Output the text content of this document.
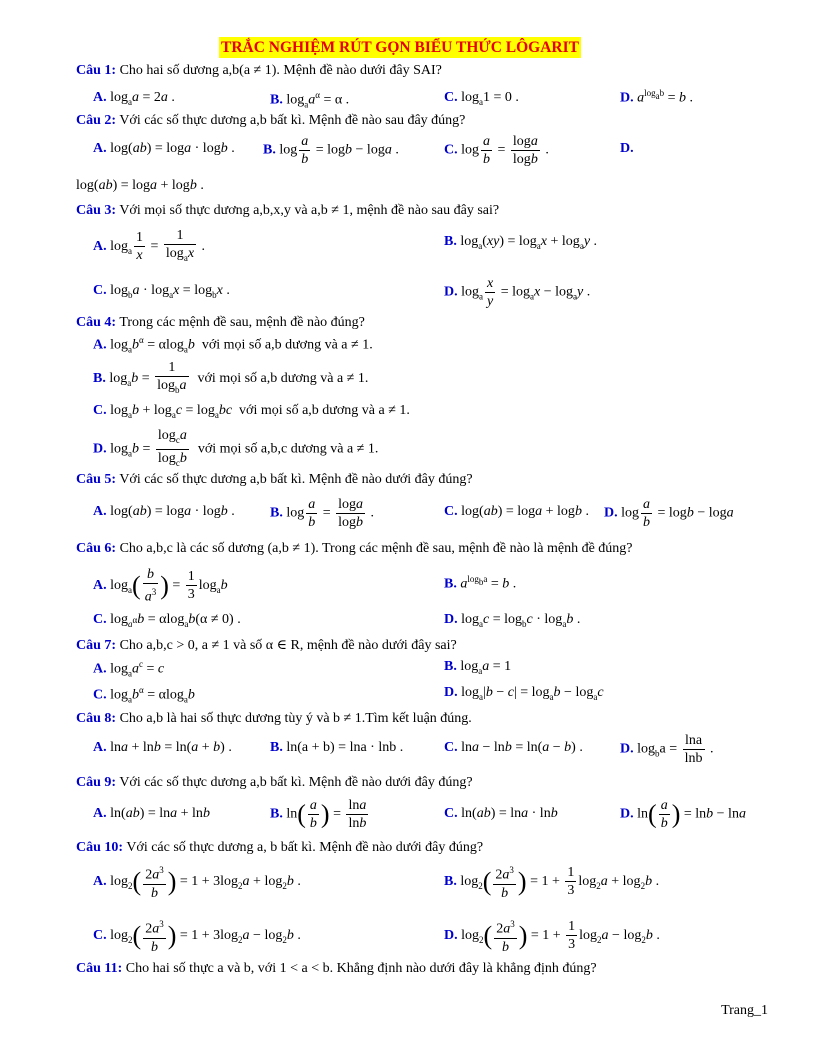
TRẮC NGHIỆM RÚT GỌN BIỂU THỨC LÔGARIT
Câu 1: Cho hai số dương a,b(a ≠ 1). Mệnh đề nào dưới đây SAI?
A. $\log_aa = 2a$ .	B. $\log_aa^\alpha = \alpha$ .	C. $\log_a1 = 0$ .	D. $a^{log_ab} = b$ .
Câu 2: Với các số thực dương a,b bất kì. Mệnh đề nào sau đây đúng?
A. log(ab) = loga · logb . B. $\log \frac{a}{b} = \log b - \log a$ .	C. $\log \frac{a}{b} = \frac{\log a}{\log b}$ .	D.
log(ab) = loga + logb .
Câu 3: Với mọi số thực dương a,b,x,y và a,b ≠ 1, mệnh đề nào sau đây sai?
A. $\log_a \frac{1}{x} = \frac{1}{\log_ax}$ .	B. $\log_a(xy) = \log_ax + \log_ay$ .
C. $\log_ba \cdot \log_ax = \log_bx$ .	D. $\log_a \frac{x}{y} = \log_ax - \log_ay$ .
Câu 4: Trong các mệnh đề sau, mệnh đề nào đúng?
A. $\log_ab^\alpha = \alpha\log_ab$ với mọi số a,b dương và a ≠ 1.
B. $\log_ab = \frac{1}{\log_ba}$ với mọi số a,b dương và a ≠ 1.
C. $\log_ab + \log_ac = \log_abc$ với mọi số a,b dương và a ≠ 1.
D. $\log_ab = \frac{\log_ca}{\log_cb}$ với mọi số a,b,c dương và a ≠ 1.
Câu 5: Với các số thực dương a,b bất kì. Mệnh đề nào dưới đây đúng?
A. log(ab) = loga · logb .	B. $\log \frac{a}{b} = \frac{\log a}{\log b}$ .	C. log(ab) = loga + logb . D. $\log \frac{a}{b} = \log b - \log a$
Câu 6: Cho a,b,c là các số dương (a,b ≠ 1). Trong các mệnh đề sau, mệnh đề nào là mệnh đề đúng?
A. $\log_a( \frac{b}{a^3}$ ) = $\frac{1}{3} \log_ab$	B. $a^{log_ba} = b$ .
C. $\log_{a^\alpha}b = \alpha\log_ab(\alpha \ne 0)$ .	D. $\log_ac = \log_bc \cdot \log_ab$ .
Câu 7: Cho a,b,c > 0, a ≠ 1 và số α ∈ R, mệnh đề nào dưới đây sai?
A. $\log_aa^c = c$	B. $\log_aa = 1$
C. $\log_ab^\alpha = \alpha\log_ab$	D. $\log_a|b - c| = \log_ab - \log_ac$
Câu 8: Cho a,b là hai số thực dương tùy ý và b ≠ 1.Tìm kết luận đúng.
A. lna + lnb = ln(a + b) .	B. ln(a + b) = lna · lnb .	C. lna − lnb = ln(a − b) .	D. $\log_ba = \frac{\ln a}{\ln b}$ .
Câu 9: Với các số thực dương a,b bất kì. Mệnh đề nào dưới đây đúng?
A. ln(ab) = lna + lnb	B. $\ln( \frac{a}{b}$ ) = $\frac{\ln a}{\ln b}$	C. ln(ab) = lna · lnb	D. $\ln( \frac{a}{b}$ ) = lnb − lna
Câu 10: Với các số thực dương a, b bất kì. Mệnh đề nào dưới đây đúng?
A. $\log_2( \frac{2a^3}{b}$ ) = $1 + 3\log_2a + \log_2b$ .	B. $\log_2( \frac{2a^3}{b}$ ) = $1 + \frac{1}{3} \log_2a + \log_2b$ .
C. $\log_2( \frac{2a^3}{b}$ ) = $1 + 3\log_2a - \log_2b$ .	D. $\log_2( \frac{2a^3}{b}$ ) = $1 + \frac{1}{3} \log_2a - \log_2b$ .
Câu 11: Cho hai số thực a và b, với 1 < a < b. Khẳng định nào dưới đây là khẳng định đúng?
Trang_1
